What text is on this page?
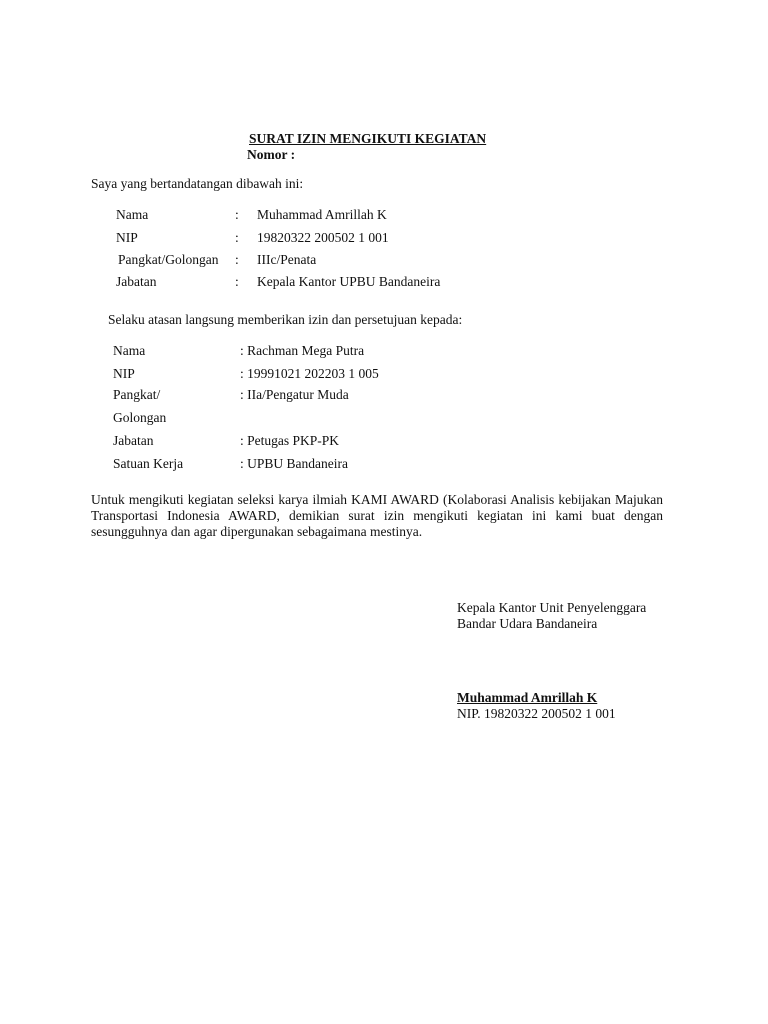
SURAT IZIN MENGIKUTI KEGIATAN
Nomor :
Saya yang bertandatangan dibawah ini:
Nama	: Muhammad Amrillah K
NIP	: 19820322 200502 1 001
Pangkat/Golongan : IIIc/Penata
Jabatan	: Kepala Kantor UPBU Bandaneira
Selaku atasan langsung memberikan izin dan persetujuan kepada:
Nama	: Rachman Mega Putra
NIP	: 19991021 202203 1 005
Pangkat/	: IIa/Pengatur Muda
Golongan
Jabatan	: Petugas PKP-PK
Satuan Kerja	: UPBU Bandaneira
Untuk mengikuti kegiatan seleksi karya ilmiah KAMI AWARD (Kolaborasi Analisis kebijakan Majukan Transportasi Indonesia AWARD, demikian surat izin mengikuti kegiatan ini kami buat dengan sesungguhnya dan agar dipergunakan sebagaimana mestinya.
Kepala Kantor Unit Penyelenggara
Bandar Udara Bandaneira
Muhammad Amrillah K
NIP. 19820322 200502 1 001
